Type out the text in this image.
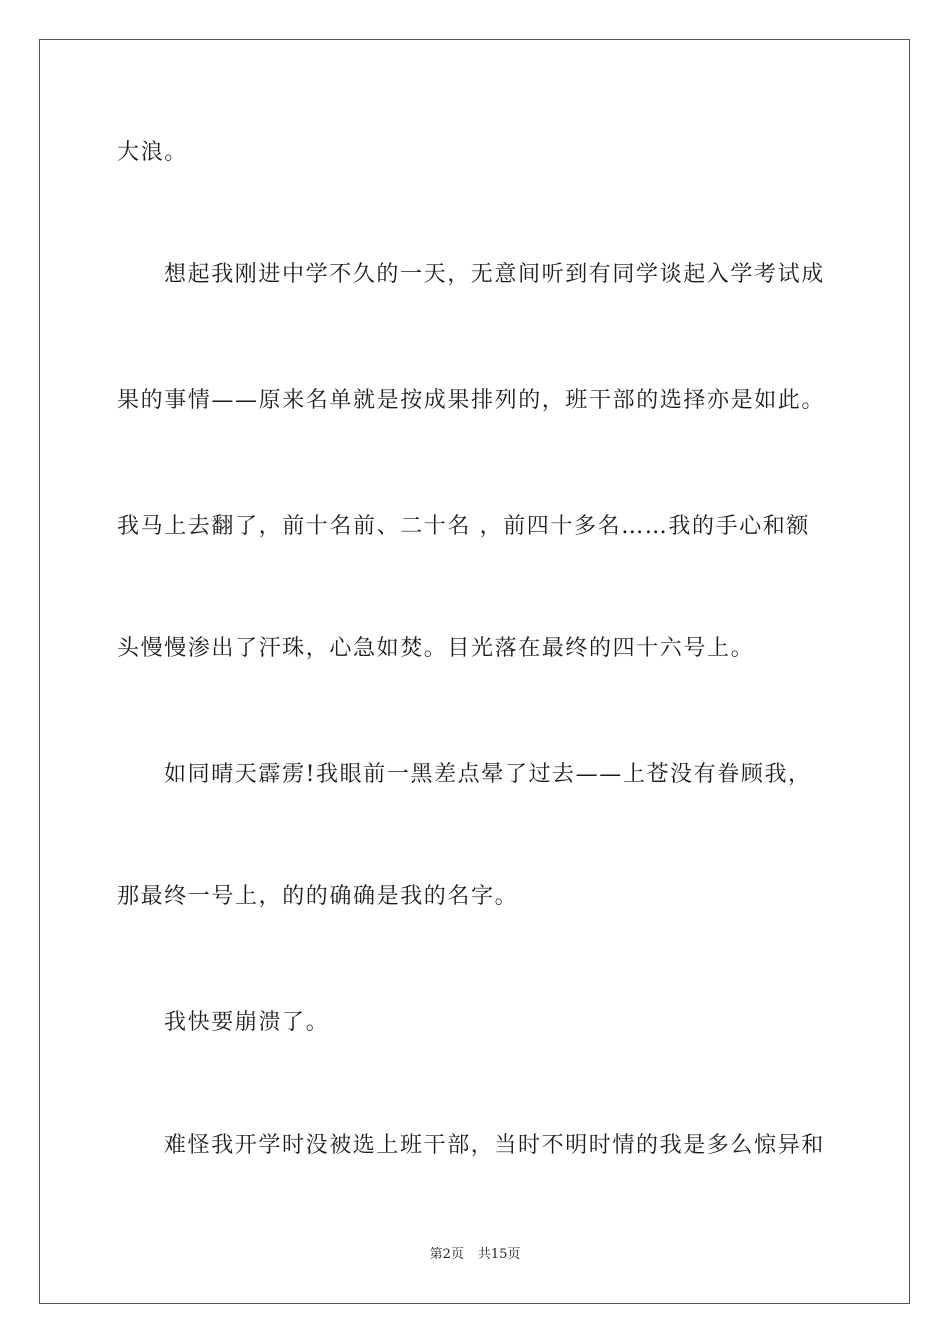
大浪。
想起我刚进中学不久的一天，无意间听到有同学谈起入学考试成
果的事情——原来名单就是按成果排列的，班干部的选择亦是如此。
我马上去翻了，前十名前、二十名 ，前四十多名……我的手心和额
头慢慢渗出了汗珠，心急如焚。目光落在最终的四十六号上。
如同晴天霹雳!我眼前一黑差点晕了过去——上苍没有眷顾我，
那最终一号上，的的确确是我的名字。
我快要崩溃了。
难怪我开学时没被选上班干部，当时不明时情的我是多么惊异和
第2页 共15页
